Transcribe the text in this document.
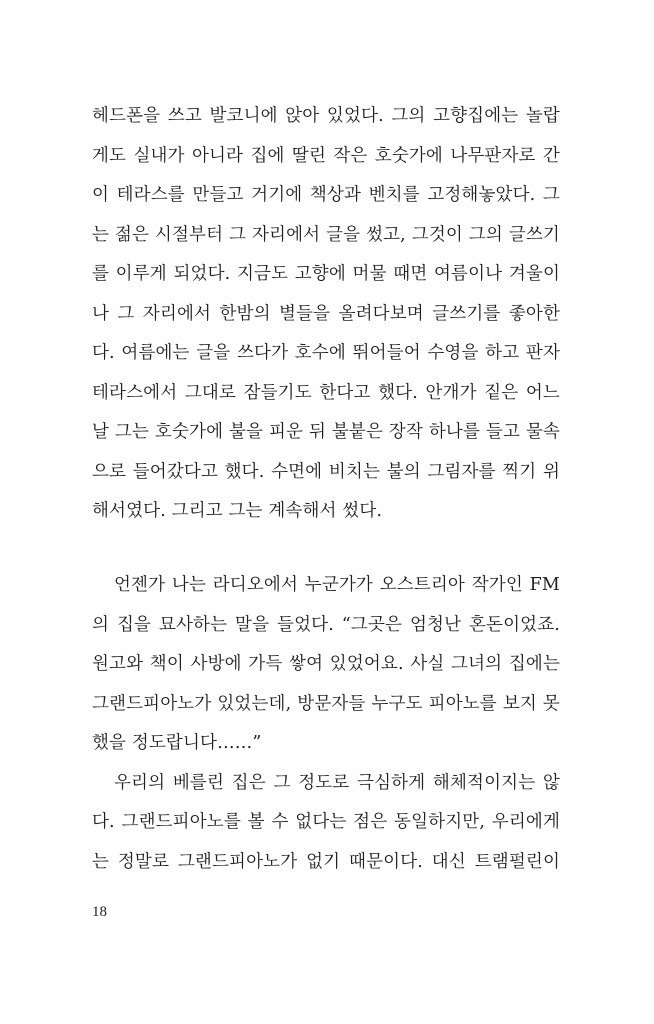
헤드폰을 쓰고 발코니에 앉아 있었다. 그의 고향집에는 놀랍
게도 실내가 아니라 집에 딸린 작은 호숫가에 나무판자로 간
이 테라스를 만들고 거기에 책상과 벤치를 고정해놓았다. 그
는 젊은 시절부터 그 자리에서 글을 썼고, 그것이 그의 글쓰기
를 이루게 되었다. 지금도 고향에 머물 때면 여름이나 겨울이
나 그 자리에서 한밤의 별들을 올려다보며 글쓰기를 좋아한
다. 여름에는 글을 쓰다가 호수에 뛰어들어 수영을 하고 판자
테라스에서 그대로 잠들기도 한다고 했다. 안개가 짙은 어느
날 그는 호숫가에 불을 피운 뒤 불붙은 장작 하나를 들고 물속
으로 들어갔다고 했다. 수면에 비치는 불의 그림자를 찍기 위
해서였다. 그리고 그는 계속해서 썼다.
언젠가 나는 라디오에서 누군가가 오스트리아 작가인 FM
의 집을 묘사하는 말을 들었다. “그곳은 엄청난 혼돈이었죠.
원고와 책이 사방에 가득 쌓여 있었어요. 사실 그녀의 집에는
그랜드피아노가 있었는데, 방문자들 누구도 피아노를 보지 못
했을 정도랍니다……”
우리의 베를린 집은 그 정도로 극심하게 해체적이지는 않
다. 그랜드피아노를 볼 수 없다는 점은 동일하지만, 우리에게
는 정말로 그랜드피아노가 없기 때문이다. 대신 트램펄린이
18
